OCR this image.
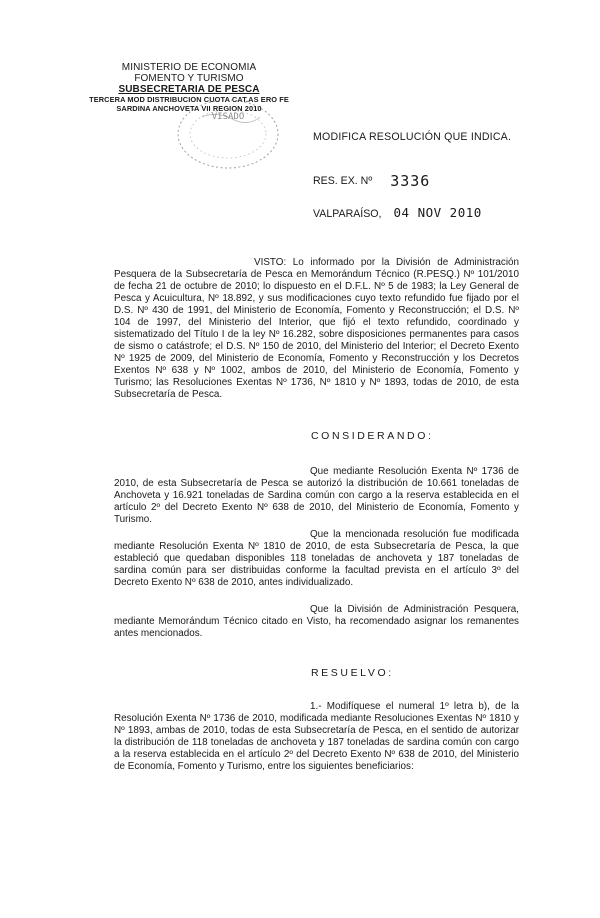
MINISTERIO DE ECONOMIA
FOMENTO Y TURISMO
SUBSECRETARIA DE PESCA
TERCERA MOD DISTRIBUCION CUOTA CAT.AS ERO FE
SARDINA ANCHOVETA VII REGION 2010
VISADO
MODIFICA RESOLUCIÓN QUE INDICA.
RES. EX. Nº 3336
VALPARAÍSO, 04 NOV 2010
VISTO: Lo informado por la División de Administración Pesquera de la Subsecretaría de Pesca en Memorándum Técnico (R.PESQ.) Nº 101/2010 de fecha 21 de octubre de 2010; lo dispuesto en el D.F.L. Nº 5 de 1983; la Ley General de Pesca y Acuicultura, Nº 18.892, y sus modificaciones cuyo texto refundido fue fijado por el D.S. Nº 430 de 1991, del Ministerio de Economía, Fomento y Reconstrucción; el D.S. Nº 104 de 1997, del Ministerio del Interior, que fijó el texto refundido, coordinado y sistematizado del Título I de la ley Nº 16.282, sobre disposiciones permanentes para casos de sismo o catástrofe; el D.S. Nº 150 de 2010, del Ministerio del Interior; el Decreto Exento Nº 1925 de 2009, del Ministerio de Economía, Fomento y Reconstrucción y los Decretos Exentos Nº 638 y Nº 1002, ambos de 2010, del Ministerio de Economía, Fomento y Turismo; las Resoluciones Exentas Nº 1736, Nº 1810 y Nº 1893, todas de 2010, de esta Subsecretaría de Pesca.
CONSIDERANDO:
Que mediante Resolución Exenta Nº 1736 de 2010, de esta Subsecretaría de Pesca se autorizó la distribución de 10.661 toneladas de Anchoveta y 16.921 toneladas de Sardina común con cargo a la reserva establecida en el artículo 2º del Decreto Exento Nº 638 de 2010, del Ministerio de Economía, Fomento y Turismo.
Que la mencionada resolución fue modificada mediante Resolución Exenta Nº 1810 de 2010, de esta Subsecretaría de Pesca, la que estableció que quedaban disponibles 118 toneladas de anchoveta y 187 toneladas de sardina común para ser distribuidas conforme la facultad prevista en el artículo 3º del Decreto Exento Nº 638 de 2010, antes individualizado.
Que la División de Administración Pesquera, mediante Memorándum Técnico citado en Visto, ha recomendado asignar los remanentes antes mencionados.
RESUELVO:
1.- Modifíquese el numeral 1º letra b), de la Resolución Exenta Nº 1736 de 2010, modificada mediante Resoluciones Exentas Nº 1810 y Nº 1893, ambas de 2010, todas de esta Subsecretaría de Pesca, en el sentido de autorizar la distribución de 118 toneladas de anchoveta y 187 toneladas de sardina común con cargo a la reserva establecida en el artículo 2º del Decreto Exento Nº 638 de 2010, del Ministerio de Economía, Fomento y Turismo, entre los siguientes beneficiarios:
